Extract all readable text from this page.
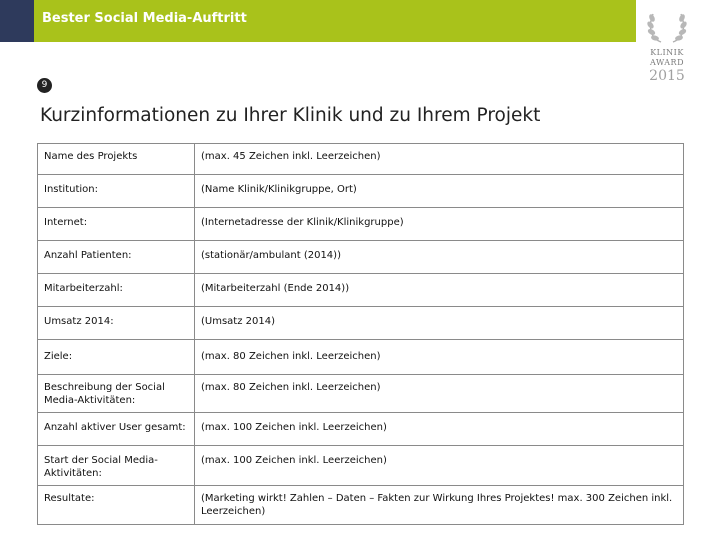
Bester Social Media-Auftritt
KLINIK
AWARD
2015
9
Kurzinformationen zu Ihrer Klinik und zu Ihrem Projekt
Name des Projekts	(max. 45 Zeichen inkl. Leerzeichen)
Institution:	(Name Klinik/Klinikgruppe, Ort)
Internet:	(Internetadresse der Klinik/Klinikgruppe)
Anzahl Patienten:	(stationär/ambulant (2014))
Mitarbeiterzahl:	(Mitarbeiterzahl (Ende 2014))
Umsatz 2014:	(Umsatz 2014)
Ziele:	(max. 80 Zeichen inkl. Leerzeichen)
Beschreibung der Social Media-Aktivitäten:	(max. 80 Zeichen inkl. Leerzeichen)
Anzahl aktiver User gesamt:	(max. 100 Zeichen inkl. Leerzeichen)
Start der Social Media-Aktivitäten:	(max. 100 Zeichen inkl. Leerzeichen)
Resultate:	(Marketing wirkt! Zahlen – Daten – Fakten zur Wirkung Ihres Projektes! max. 300 Zeichen inkl. Leerzeichen)
